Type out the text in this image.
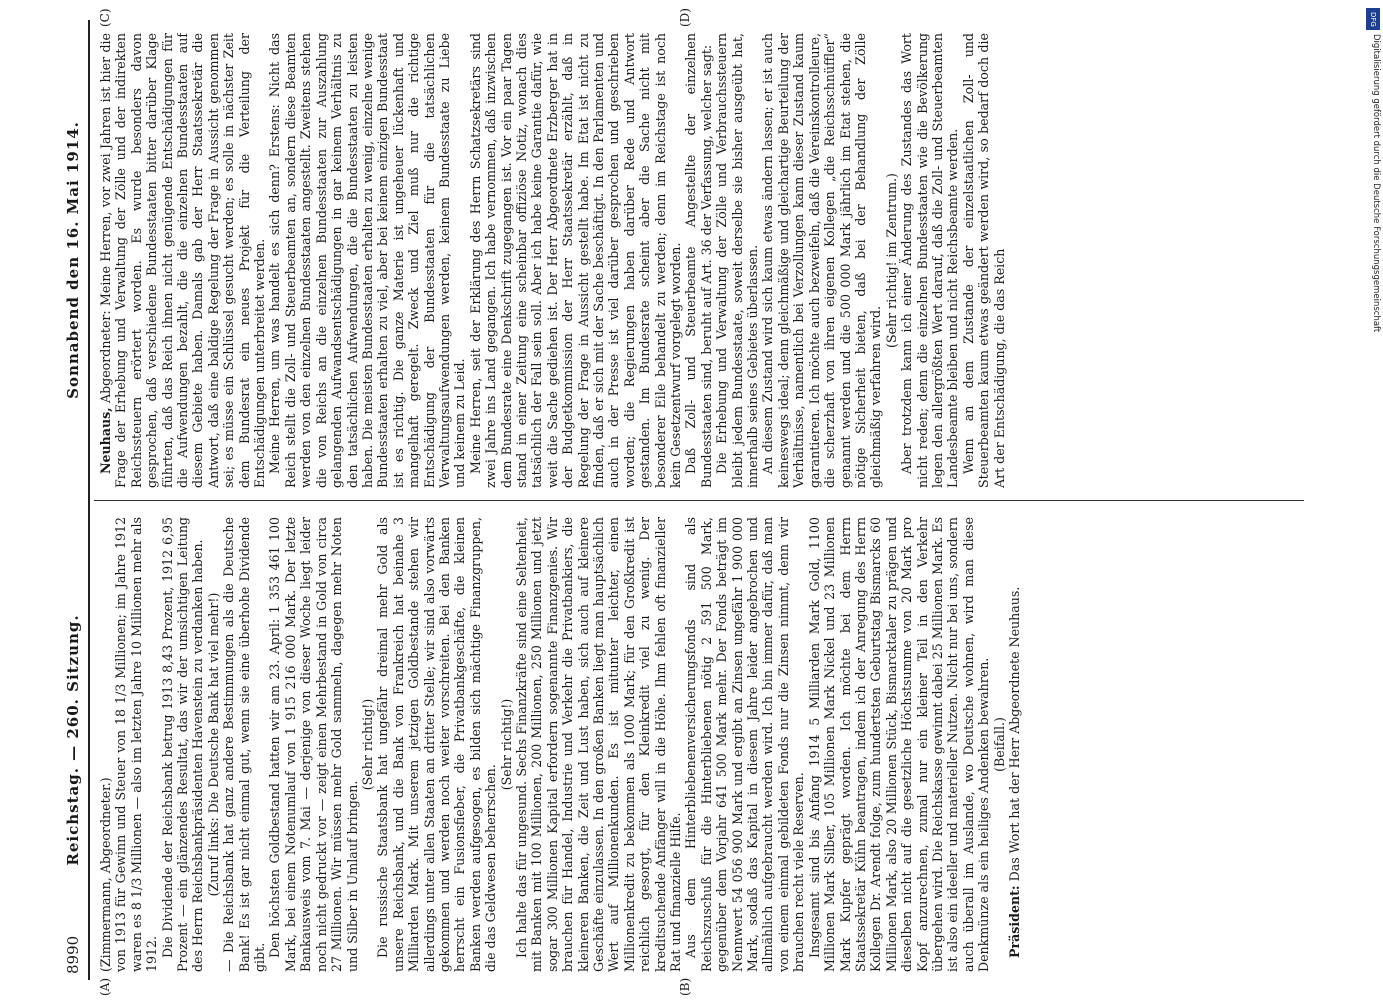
DFG
Digitalisierung gefördert durch die Deutsche Forschungsgemeinschaft
8990
Reichstag. — 260. Sitzung.
Sonnabend den 16. Mai 1914.
(A)	(B)
(C)	(D)

(Zimmermann, Abgeordneter.) von 1913 für Gewinn und Steuer von 18 1/3 Millionen; im Jahre 1912 waren es 8 1/3 Millionen — also im letzten Jahre 10 Millionen mehr als 1912. Die Dividende der Reichsbank betrug 1913 8,43 Prozent, 1912 6,95 Prozent — ein glänzendes Resultat, das wir der umsichtigen Leitung des Herrn Reichsbankpräsidenten Havenstein zu verdanken haben. (Zuruf links: Die Deutsche Bank hat viel mehr!) — Die Reichsbank hat ganz andere Bestimmungen als die Deutsche Bank! Es ist gar nicht einmal gut, wenn sie eine überhohe Dividende gibt. Den höchsten Goldbestand hatten wir am 23. April: 1 353 461 100 Mark, bei einem Notenumlauf von 1 915 216 000 Mark. Der letzte Bankausweis vom 7. Mai — derjenige von dieser Woche liegt leider noch nicht gedruckt vor — zeigt einen Mehrbestand in Gold von circa 27 Millionen. Wir müssen mehr Gold sammeln, dagegen mehr Noten und Silber in Umlauf bringen.

(Sehr richtig!) Die russische Staatsbank hat ungefähr dreimal mehr Gold als unsere Reichsbank, und die Bank von Frankreich hat beinahe 3 Milliarden Mark. Mit unserem jetzigen Goldbestande stehen wir allerdings unter allen Staaten an dritter Stelle; wir sind also vorwärts gekommen und werden noch weiter vorschreiten. Bei den Banken herrscht ein Fusionsfieber, die Privatbankgeschäfte, die kleinen Banken werden aufgesogen, es bilden sich mächtige Finanzgruppen, die das Geldwesen beherrschen.

(Sehr richtig!) Ich halte das für ungesund. Sechs Finanzkräfte sind eine Seltenheit, mit Banken mit 100 Millionen, 200 Millionen, 250 Millionen und jetzt sogar 300 Millionen Kapital erfordern sogenannte Finanzgenies. Wir brauchen für Handel, Industrie und Verkehr die Privatbankiers, die kleineren Banken, die Zeit und Lust haben, sich auch auf kleinere Geschäfte einzulassen. In den großen Banken liegt man hauptsächlich Wert auf Millionenkunden. Es ist mitunter leichter, einen Millionenkredit zu bekommen als 1000 Mark; für den Großkredit ist reichlich gesorgt, für den Kleinkredit viel zu wenig. Der kreditsuchende Anfänger will in die Höhe. Ihm fehlen oft finanzieller Rat und finanzielle Hilfe. Aus dem Hinterbliebenenversicherungsfonds sind als Reichszuschuß für die Hinterbliebenen nötig 2 591 500 Mark, gegenüber dem Vorjahr 641 500 Mark mehr. Der Fonds beträgt im Nennwert 54 056 900 Mark und ergibt an Zinsen ungefähr 1 900 000 Mark, sodaß das Kapital in diesem Jahre leider angebrochen und allmählich aufgebraucht werden wird. Ich bin immer dafür, daß man von einem einmal gebildeten Fonds nur die Zinsen nimmt, denn wir brauchen recht viele Reserven. Insgesamt sind bis Anfang 1914 5 Milliarden Mark Gold, 1100 Millionen Mark Silber, 105 Millionen Mark Nickel und 23 Millionen Mark Kupfer geprägt worden. Ich möchte bei dem Herrn Staatssekretär Kühn beantragen, indem ich der Anregung des Herrn Kollegen Dr. Arendt folge, zum hundertsten Geburtstag Bismarcks 60 Millionen Mark, also 20 Millionen Stück, Bismarcktaler zu prägen und dieselben nicht auf die gesetzliche Höchstsumme von 20 Mark pro Kopf anzurechnen, zumal nur ein kleiner Teil in den Verkehr übergehen wird. Die Reichskasse gewinnt dabei 25 Millionen Mark. Es ist also ein ideeller und materieller Nutzen. Nicht nur bei uns, sondern auch überall im Auslande, wo Deutsche wohnen, wird man diese Denkmünze als ein heiliges Andenken bewahren. (Beifall.)

Präsident: Das Wort hat der Herr Abgeordnete Neuhaus.

Neuhaus, Abgeordneter: Meine Herren, vor zwei Jahren ist hier die Frage der Erhebung und Verwaltung der Zölle und der indirekten Reichssteuern erörtert worden. Es wurde besonders davon gesprochen, daß verschiedene Bundesstaaten bitter darüber Klage führten, daß das Reich ihnen nicht genügende Entschädigungen für die Aufwendungen bezahlt, die die einzelnen Bundesstaaten auf diesem Gebiete haben. Damals gab der Herr Staatssekretär die Antwort, daß eine baldige Regelung der Frage in Aussicht genommen sei; es müsse ein Schlüssel gesucht werden; es solle in nächster Zeit dem Bundesrat ein neues Projekt für die Verteilung der Entschädigungen unterbreitet werden. Meine Herren, um was handelt es sich denn? Erstens: Nicht das Reich stellt die Zoll- und Steuerbeamten an, sondern diese Beamten werden von den einzelnen Bundesstaaten angestellt. Zweitens stehen die von Reichs an die einzelnen Bundesstaaten zur Auszahlung gelangenden Aufwandsentschädigungen in gar keinem Verhältnis zu den tatsächlichen Aufwendungen, die die Bundesstaaten zu leisten haben. Die meisten Bundesstaaten erhalten zu wenig, einzelne wenige Bundesstaaten erhalten zu viel, aber bei keinem einzigen Bundesstaat ist es richtig. Die ganze Materie ist ungeheuer lückenhaft und mangelhaft geregelt. Zweck und Ziel muß nur die richtige Entschädigung der Bundesstaaten für die tatsächlichen Verwaltungsaufwendungen werden, keinem Bundesstaate zu Liebe und keinem zu Leid. Meine Herren, seit der Erklärung des Herrn Schatzsekretärs sind zwei Jahre ins Land gegangen. Ich habe vernommen, daß inzwischen dem Bundesrate eine Denkschrift zugegangen ist. Vor ein paar Tagen stand in einer Zeitung eine scheinbar offiziöse Notiz, wonach dies tatsächlich der Fall sein soll. Aber ich habe keine Garantie dafür, wie weit die Sache gediehen ist. Der Herr Abgeordnete Erzberger hat in der Budgetkommission der Herr Staatssekretär erzählt, daß in Regelung der Frage in Aussicht gestellt habe. Im Etat ist nicht zu finden, daß er sich mit der Sache beschäftigt. In den Parlamenten und auch in der Presse ist viel darüber gesprochen und geschrieben worden; die Regierungen haben darüber Rede und Antwort gestanden. Im Bundesrate scheint aber die Sache nicht mit besonderer Eile behandelt zu werden; denn im Reichstage ist noch kein Gesetzentwurf vorgelegt worden. Daß Zoll- und Steuerbeamte Angestellte der einzelnen Bundesstaaten sind, beruht auf Art. 36 der Verfassung, welcher sagt: Die Erhebung und Verwaltung der Zölle und Verbrauchssteuern bleibt jedem Bundesstaate, soweit derselbe sie bisher ausgeübt hat, innerhalb seines Gebietes überlassen. An diesem Zustand wird sich kaum etwas ändern lassen; er ist auch keineswegs ideal; denn gleichmäßige und gleichartige Beurteilung der Verhältnisse, namentlich bei Verzollungen kann dieser Zustand kaum garantieren. Ich möchte auch bezweifeln, daß die Vereinskontrolleure, die scherzhaft von ihren eigenen Kollegen „die Reichsschnüffler“ genannt werden und die 500 000 Mark jährlich im Etat stehen, die nötige Sicherheit bieten, daß bei der Behandlung der Zölle gleichmäßig verfahren wird.

(Sehr richtig! im Zentrum.) Aber trotzdem kann ich einer Änderung des Zustandes das Wort nicht reden; denn die einzelnen Bundesstaaten wie die Bevölkerung legen den allergrößten Wert darauf, daß die Zoll- und Steuerbeamten Landesbeamte bleiben und nicht Reichsbeamte werden. Wenn an dem Zustande der einzelstaatlichen Zoll- und Steuerbeamten kaum etwas geändert werden wird, so bedarf doch die Art der Entschädigung, die das Reich
